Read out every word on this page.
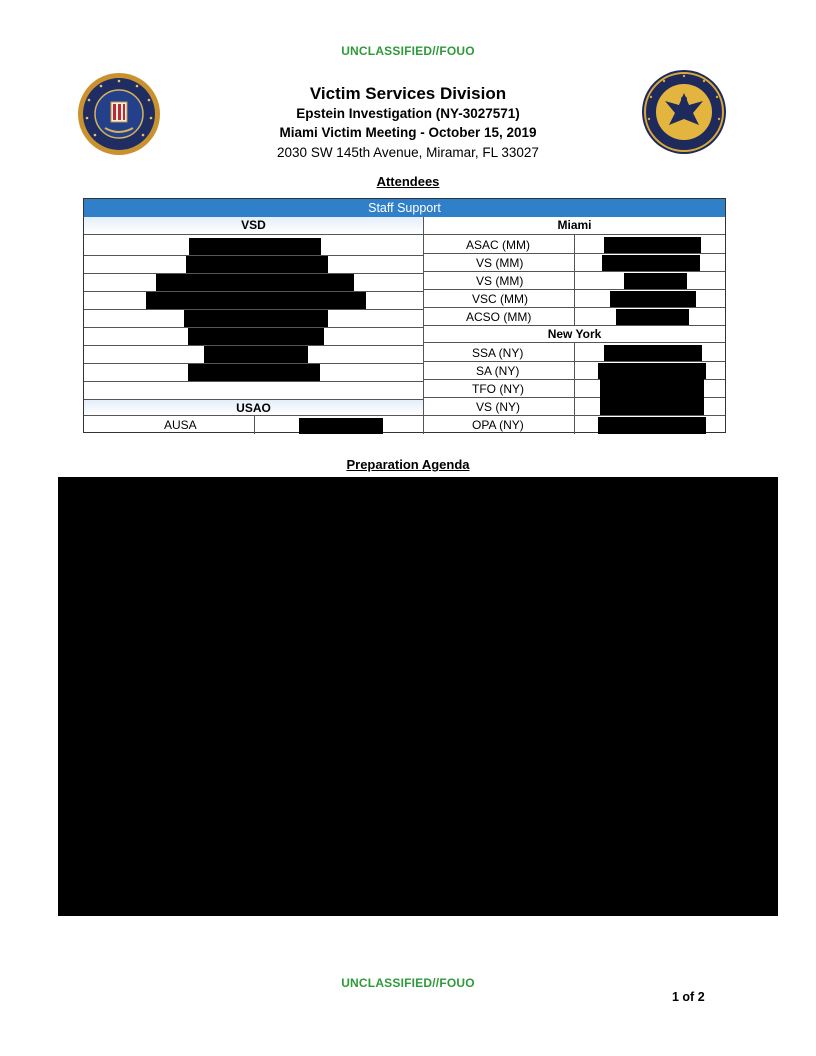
UNCLASSIFIED//FOUO
Victim Services Division
Epstein Investigation (NY-3027571)
Miami Victim Meeting - October 15, 2019
2030 SW 145th Avenue, Miramar, FL 33027
Attendees
Staff Support
VSD	Miami
USAO
AUSA
ASAC (MM)
VS (MM)
VS (MM)
VSC (MM)
ACSO (MM)
New York
SSA (NY)
SA (NY)
TFO (NY)
VS (NY)
OPA (NY)
Preparation Agenda
UNCLASSIFIED//FOUO
1 of 2
